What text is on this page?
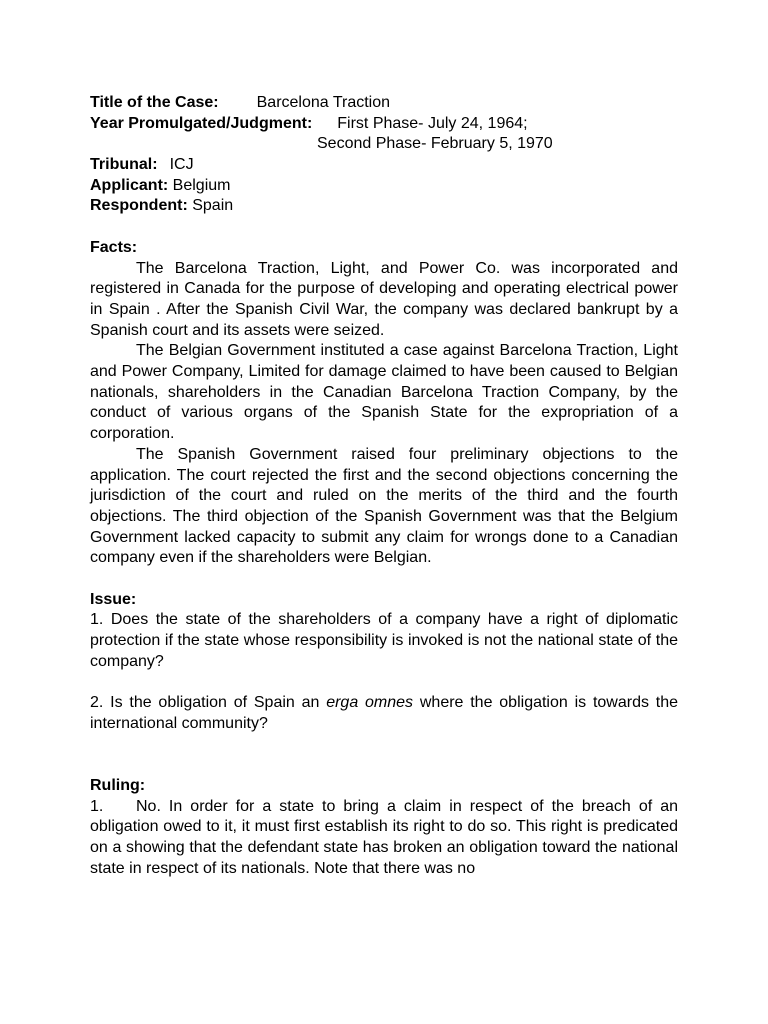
Title of the Case: Barcelona Traction
Year Promulgated/Judgment: First Phase- July 24, 1964;
Second Phase- February 5, 1970
Tribunal: ICJ
Applicant: Belgium
Respondent: Spain
Facts:

The Barcelona Traction, Light, and Power Co. was incorporated and registered in Canada for the purpose of developing and operating electrical power in Spain . After the Spanish Civil War, the company was declared bankrupt by a Spanish court and its assets were seized.

The Belgian Government instituted a case against Barcelona Traction, Light and Power Company, Limited for damage claimed to have been caused to Belgian nationals, shareholders in the Canadian Barcelona Traction Company, by the conduct of various organs of the Spanish State for the expropriation of a corporation.

The Spanish Government raised four preliminary objections to the application. The court rejected the first and the second objections concerning the jurisdiction of the court and ruled on the merits of the third and the fourth objections. The third objection of the Spanish Government was that the Belgium Government lacked capacity to submit any claim for wrongs done to a Canadian company even if the shareholders were Belgian.

Issue:

1. Does the state of the shareholders of a company have a right of diplomatic protection if the state whose responsibility is invoked is not the national state of the company?

2. Is the obligation of Spain an erga omnes where the obligation is towards the international community?

Ruling:

1. No. In order for a state to bring a claim in respect of the breach of an obligation owed to it, it must first establish its right to do so. This right is predicated on a showing that the defendant state has broken an obligation toward the national state in respect of its nationals. Note that there was no
